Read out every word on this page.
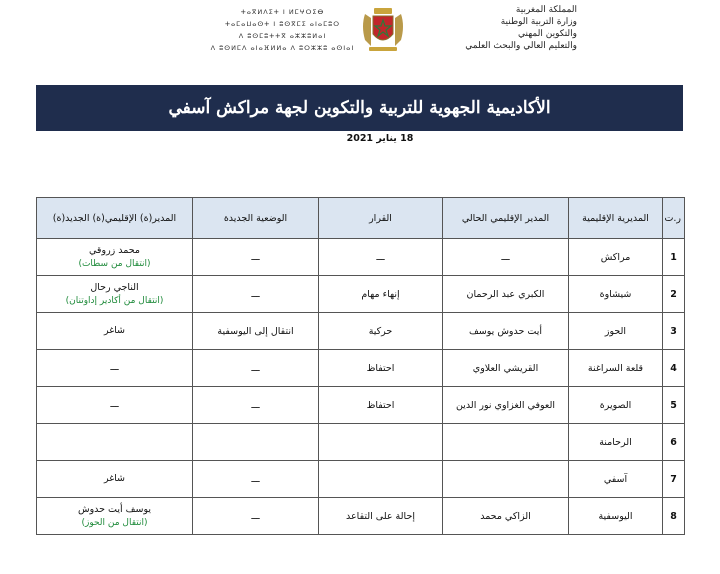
ⵜⴰⴳⵍⴷⵉⵜ ⵏ ⵍⵎⵖⵔⵉⴱ
ⵜⴰⵎⴰⵡⴰⵙⵜ ⵏ ⵓⵙⴳⵎⵉ ⴰⵏⴰⵎⵓⵔ
ⴷ ⵓⵙⵎⵓⵜⵜⴳ ⴰⵣⵣⵓⵍⴰⵏ
ⴷ ⵓⵙⵍⵎⴷ ⴰⵏⴰⴼⵍⵍⴰ ⴷ ⵓⵔⵣⵣⵓ ⴰⵙⵏⴰⵏ
المملكة المغربية
وزارة التربية الوطنية
والتكوين المهني
والتعليم العالي والبحث العلمي
الأكاديمية الجهوية للتربية والتكوين لجهة مراكش آسفي
18 يناير 2021
ر.ت	المديرية الإقليمية	المدير الإقليمي الحالي	القرار	الوضعية الجديدة	المدير(ة) الإقليمي(ة) الجديد(ة)
1	مراكش	ـــ	ـــ	ـــ	محمد زروقي
(انتقال من سطات)

2	شيشاوة	الكبري عبد الرحمان	إنهاء مهام	ـــ	الناجي رحال
(انتقال من أكادير إداوتنان)

3	الحوز	أيت حدوش يوسف	حركية	انتقال إلى اليوسفية	شاغر

4	قلعة السراغنة	القريشي العلاوي	احتفاظ	ـــ	ـــ

5	الصويرة	العوفي الغزاوي نور الدين	احتفاظ	ـــ	ـــ

6	الرحامنة				

7	آسفي			ـــ	شاغر

8	اليوسفية	الزاكي محمد	إحالة على التقاعد	ـــ	يوسف أيت حدوش
(انتقال من الحوز)
